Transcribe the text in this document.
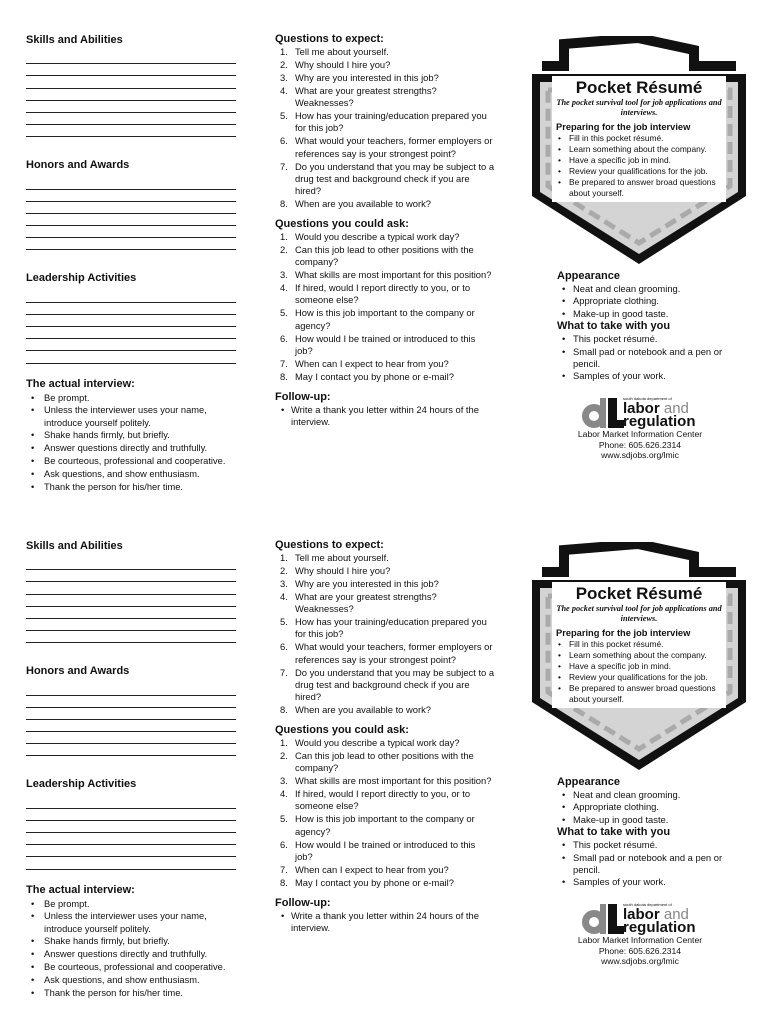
Skills and Abilities
Honors and Awards
Leadership Activities
The actual interview:
• Be prompt.
• Unless the interviewer uses your name, introduce yourself politely.
• Shake hands firmly, but briefly.
• Answer questions directly and truthfully.
• Be courteous, professional and cooperative.
• Ask questions, and show enthusiasm.
• Thank the person for his/her time.
Questions to expect:
1. Tell me about yourself.
2. Why should I hire you?
3. Why are you interested in this job?
4. What are your greatest strengths? Weaknesses?
5. How has your training/education prepared you for this job?
6. What would your teachers, former employers or references say is your strongest point?
7. Do you understand that you may be subject to a drug test and background check if you are hired?
8. When are you available to work?
Questions you could ask:
1. Would you describe a typical work day?
2. Can this job lead to other positions with the company?
3. What skills are most important for this position?
4. If hired, would I report directly to you, or to someone else?
5. How is this job important to the company or agency?
6. How would I be trained or introduced to this job?
7. When can I expect to hear from you?
8. May I contact you by phone or e-mail?
Follow-up:
• Write a thank you letter within 24 hours of the interview.
Pocket Résumé

The pocket survival tool for job applications and interviews.

Preparing for the job interview
• Fill in this pocket résumé.
• Learn something about the company.
• Have a specific job in mind.
• Review your qualifications for the job.
• Be prepared to answer broad questions about yourself.
Appearance
• Neat and clean grooming.
• Appropriate clothing.
• Make-up in good taste.
What to take with you
• This pocket résumé.
• Small pad or notebook and a pen or pencil.
• Samples of your work.
south dakota department of
labor and
regulation
Labor Market Information Center
Phone: 605.626.2314
www.sdjobs.org/lmic
Skills and Abilities
Honors and Awards
Leadership Activities
The actual interview:
• Be prompt.
• Unless the interviewer uses your name, introduce yourself politely.
• Shake hands firmly, but briefly.
• Answer questions directly and truthfully.
• Be courteous, professional and cooperative.
• Ask questions, and show enthusiasm.
• Thank the person for his/her time.
Questions to expect:
1. Tell me about yourself.
2. Why should I hire you?
3. Why are you interested in this job?
4. What are your greatest strengths? Weaknesses?
5. How has your training/education prepared you for this job?
6. What would your teachers, former employers or references say is your strongest point?
7. Do you understand that you may be subject to a drug test and background check if you are hired?
8. When are you available to work?
Questions you could ask:
1. Would you describe a typical work day?
2. Can this job lead to other positions with the company?
3. What skills are most important for this position?
4. If hired, would I report directly to you, or to someone else?
5. How is this job important to the company or agency?
6. How would I be trained or introduced to this job?
7. When can I expect to hear from you?
8. May I contact you by phone or e-mail?
Follow-up:
• Write a thank you letter within 24 hours of the interview.
Pocket Résumé

The pocket survival tool for job applications and interviews.

Preparing for the job interview
• Fill in this pocket résumé.
• Learn something about the company.
• Have a specific job in mind.
• Review your qualifications for the job.
• Be prepared to answer broad questions about yourself.
Appearance
• Neat and clean grooming.
• Appropriate clothing.
• Make-up in good taste.
What to take with you
• This pocket résumé.
• Small pad or notebook and a pen or pencil.
• Samples of your work.
south dakota department of
labor and
regulation
Labor Market Information Center
Phone: 605.626.2314
www.sdjobs.org/lmic
